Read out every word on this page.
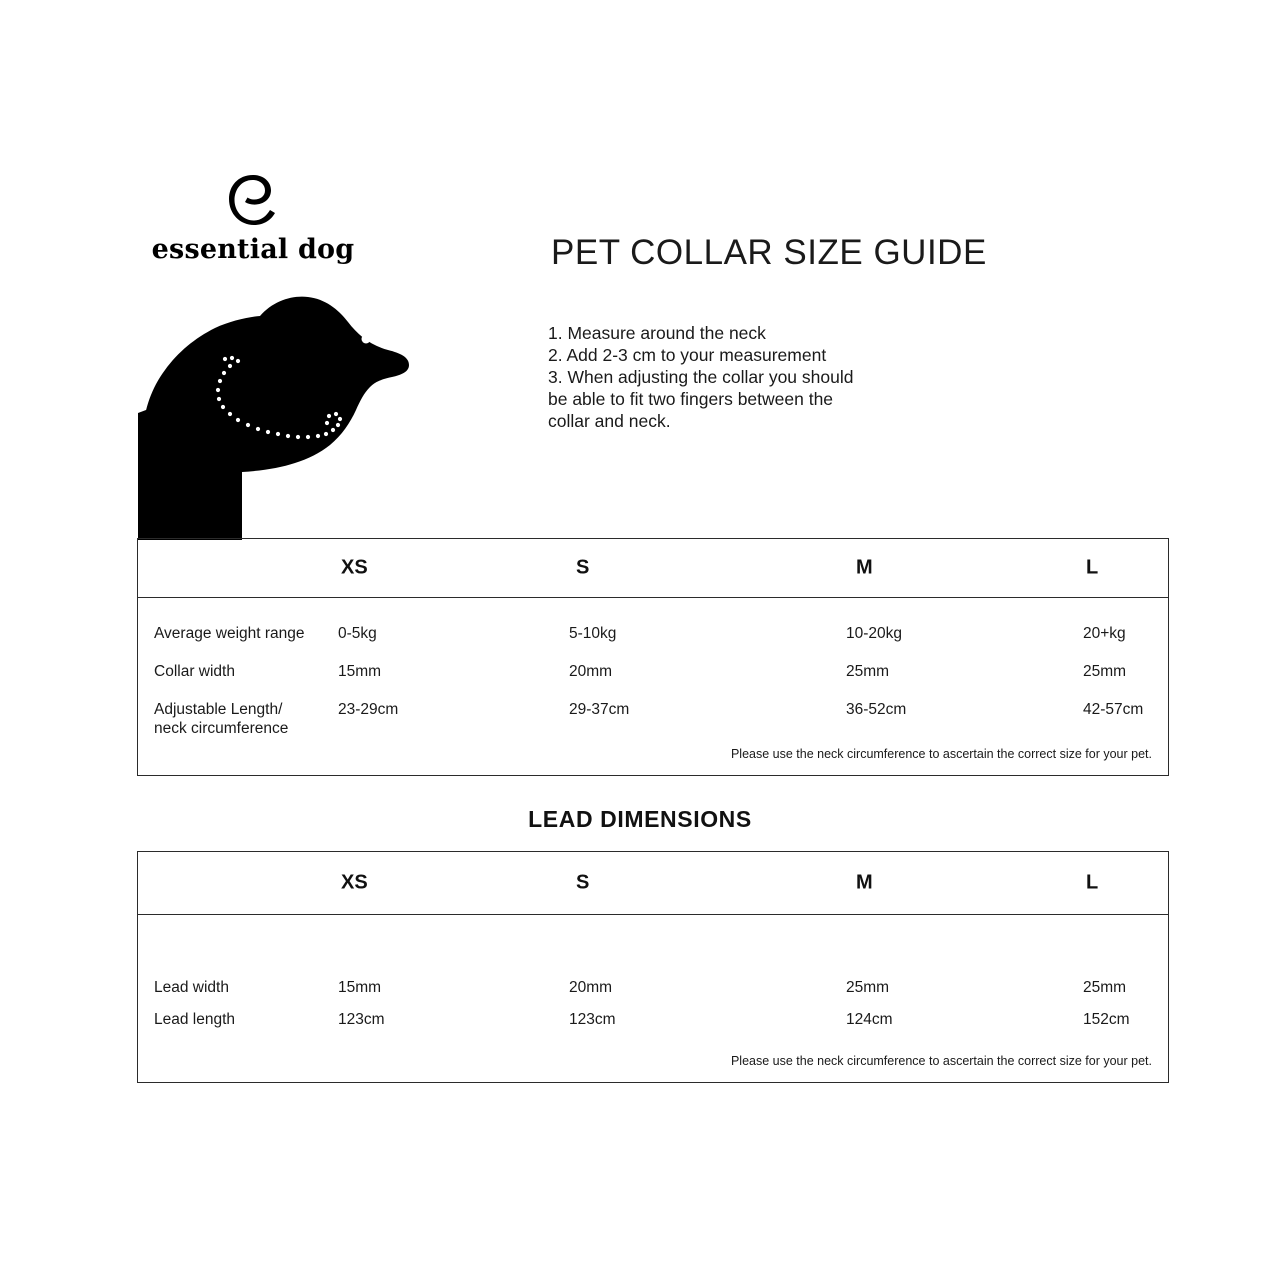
essential dog	PET COLLAR SIZE GUIDE
1. Measure around the neck
2. Add 2-3 cm to your measurement
3. When adjusting the collar you should
be able to fit two fingers between the
collar and neck.
XS	S	M	L
Average weight range 0-5kg	5-10kg	10-20kg	20+kg
Collar width	15mm	20mm	25mm	25mm
Adjustable Length/
neck circumference
23-29cm	29-37cm	36-52cm	42-57cm
Please use the neck circumference to ascertain the correct size for your pet.
LEAD DIMENSIONS
XS	S	M	L
Lead width	15mm	20mm	25mm	25mm
Lead length	123cm	123cm	124cm	152cm
Please use the neck circumference to ascertain the correct size for your pet.
